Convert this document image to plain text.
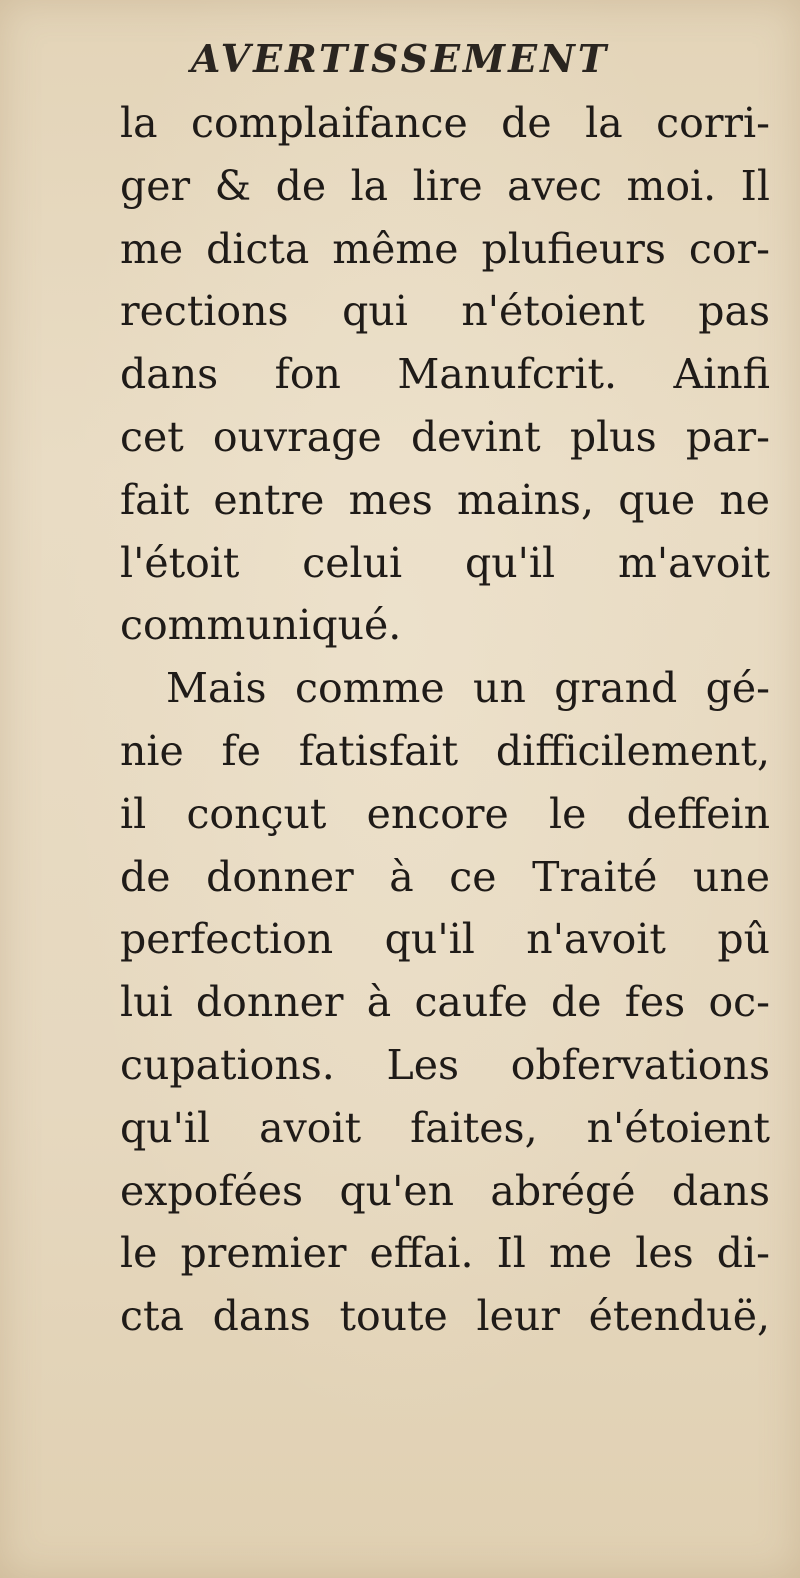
AVERTISSEMENT
la complaifance de la corri-
ger & de la lire avec moi. Il
me dicta même plufieurs cor-
rections qui n'étoient pas
dans fon Manufcrit. Ainfi
cet ouvrage devint plus par-
fait entre mes mains, que ne
l'étoit celui qu'il m'avoit
communiqué.
Mais comme un grand gé-
nie fe fatisfait difficilement,
il conçut encore le deffein
de donner à ce Traité une
perfection qu'il n'avoit pû
lui donner à caufe de fes oc-
cupations. Les obfervations
qu'il avoit faites, n'étoient
expofées qu'en abrégé dans
le premier effai. Il me les di-
cta dans toute leur étenduë,
